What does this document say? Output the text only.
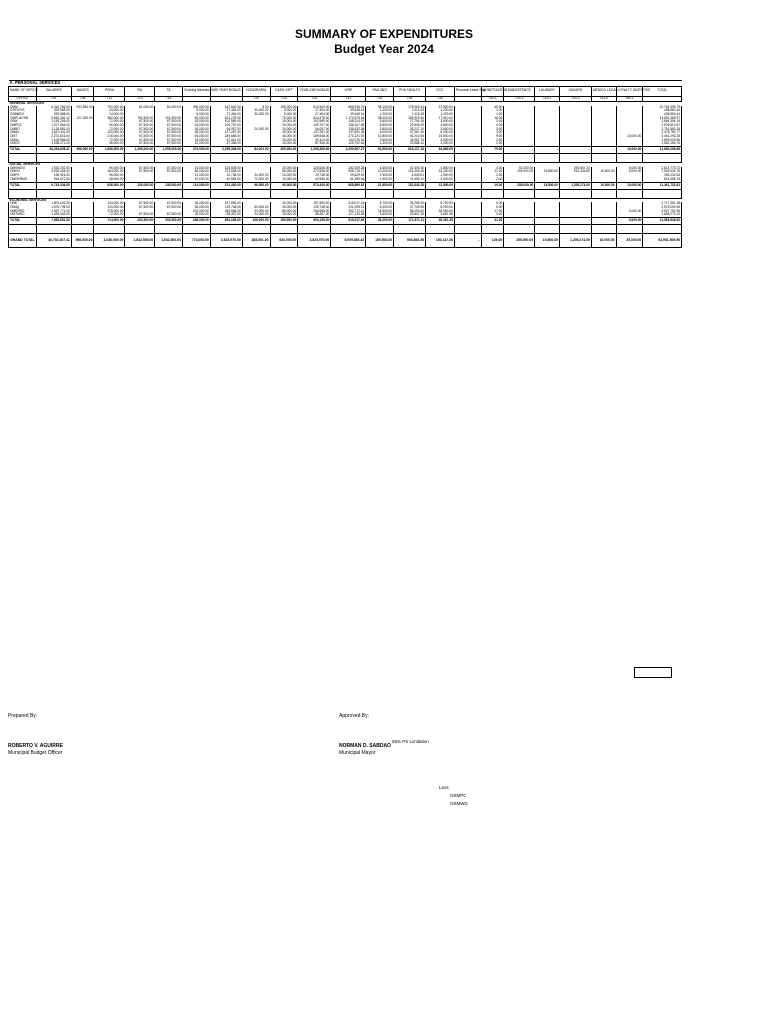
SUMMARY OF EXPENDITURES
Budget Year 2024
A. PERSONAL SERVICES																						
NAME OF OFFICE	SALARIES	WAGES	PERA	RA	TA	Clothing Allowance	MID YEAR BONUS	HONORARIA	CASH GIFT	YEAR-END BONUS	LRIP	PAG-IBIG	PHIL HEALTH	ECC	Personal Leave Pay	MONETIZATION	SUBSISTENCE	LAUNDRY	HAZARD	MEDICO LEGAL	LOYALTY INCENTIVE	TOTAL
OFFICE	701	706	711	713	714			720	724	725	731	732	733	734		742-1	743-1	743-2	743-3	743-4	789-1	
GENERAL SERVICES																						
OMM	6,310,256.00	933,984.00	792,000.00	81,000.00	81,000.00	396,000.00	612,540.00	5.00	165,000.00	612,540.00	868,936.76	98,100.00	175,060.44	37,800.00		45.00						10,764,395.75
OSPLPLS	329,568.00		24,000.00			6,000.00	27,464.00	30,000.00	5,000.00	27,464.00	39,548.16	1,200.00	7,415.28	1,200.00		1.00						498,860.44
OSBMSO	329,568.00		24,000.00			6,000.00	27,464.00	30,000.00	5,000.00	27,464.00	39,548.16	1,200.00	7,415.28	1,200.00		1.00						498,860.44
OMPLNCSB	9,654,462.12	127,000.00	360,000.00	751,500.00	751,500.00	90,000.00	814,278.00		70,000.00	814,278.00	1,170,575.45	38,000.00	159,915.40	17,910.00		16.00						14,851,385.97
OSM	1,155,208.00		72,000.00	67,500.00	67,500.00	18,000.00	102,989.00		15,000.00	102,989.00	148,224.97	3,600.00	27,794.18	3,600.00		3.00						1,864,394.15
OMPDC	1,317,564.00		96,000.00	67,500.00	67,500.00	24,000.00	109,797.00		20,000.00	109,797.00	158,107.68	4,800.00	29,645.39	4,800.00		4.00						2,009,510.87
OMBO	1,128,881.00		72,000.00	67,500.00	67,500.00	18,000.00	94,057.00	24,000.00	15,000.00	94,057.00	135,432.08	3,600.00	28,217.10	3,600.00		3.00						1,751,860.18
OMAs	1,647,441.00		120,000.00	67,500.00	67,500.00	36,000.00	137,287.00		25,000.00	137,287.00	197,691.28	6,000.00	37,067.40	6,000.00		3.00						2,478,789.77
OMT	2,274,616.00		216,000.00	67,500.00	67,500.00	54,000.00	189,668.00		45,000.00	189,668.00	273,121.92	10,800.00	51,210.96	10,800.00		9.00					10,000.00	3,461,293.28
OMAc	1,108,966.00		72,000.00	67,500.00	67,500.00	18,000.00	92,414.00		15,000.00	92,414.00	133,076.16	3,600.00	24,951.76	3,600.00		3.00						1,699,026.96
OMCR	1,038,271.00		48,000.00	67,500.00	67,500.00	12,000.00	87,356.00		10,000.00	87,356.00	125,792.64	2,400.00	23,586.12	2,400.00		2.00						1,582,164.76
TOTAL	26,294,828.21	996,000.00	1,896,000.00	1,305,000.00	1,305,000.00	474,000.00	2,295,306.00	84,001.00	390,000.00	2,295,306.00	3,290,067.27	93,500.00	615,127.16	93,860.00		79.00	-	-	-	-	10,000.00	41,860,298.68

SOCIAL SERVICES																						
OMSWDO	1,516,302.00		96,000.00	67,500.00	67,500.00	24,000.00	126,608.00		20,000.00	126,608.00	182,309.28	4,800.00	30,304.30	4,800.00		4.00	51,000.00		294,847.24		5,000.00	2,614,773.72
OMHO	4,936,454.00		264,000.00	67,500.00	67,500.00	66,000.00	373,538.00		55,000.00	373,538.00	548,775.72	13,200.00	101,309.26	13,200.00		11.00	204,000.00	19,800.00	910,426.80	10,000.00	5,000.00	7,949,039.78
OMPS	196,916.00		96,000.00			12,000.00	20,738.00	24,000.00	10,000.00	20,738.00	29,629.92	1,900.00	4,649.61	1,900.00		2.00						353,234.53
OMDRRMO	516,672.00		48,000.00			12,000.00	42,556.00	72,000.00	10,000.00	42,556.00	61,280.64	2,400.00	11,490.12	2,400.00		2.00						815,356.76
TOTAL	6,743,344.00	-	636,000.00	135,000.00	135,000.00	114,000.00	574,440.00	96,000.00	95,000.00	574,440.00	808,869.52	21,900.00	151,843.28	21,900.00		19.00	255,000.00	19,800.00	1,205,274.00	10,000.00	10,000.00	11,461,702.81

ECONOMIC SERVICES																						
OME	1,802,642.00		144,000.00	67,500.00	67,500.00	36,000.00	157,595.00		30,000.00	157,595.00	219,017.04	8,700.00	35,255.00	8,700.00		6.00						2,717,381.38
OMAg	1,675,795.00		120,000.00	67,500.00	67,500.00	36,000.00	139,748.00	60,000.00	25,000.00	139,748.00	201,095.21	6,000.00	37,705.95	6,000.00		5.00						2,576,094.96
OMENRO	2,997,771.00		378,000.00			102,000.00	268,568.00	24,000.00	85,000.00	268,568.00	392,772.12	18,900.00	68,293.60	18,900.00		17.00					5,000.00	3,997,792.96
OMTMRO	1,039,443.00		72,000.00	67,500.00	67,500.00	18,000.00	88,287.00	24,000.00	15,000.00	88,287.00	127,133.28	3,600.00	23,837.49	3,687.36		3.00						1,658,279.13
TOTAL	7,565,651.00	-	714,000.00	202,500.00	202,500.00	186,000.00	654,198.00	108,000.00	155,000.00	654,198.00	910,017.65	35,200.00	171,871.11	35,287.36		31.00	-	-	-	-	5,000.00	11,589,548.52

GRAND TOTAL	40,702,207.41	996,000.00	3,036,000.00	1,642,500.00	1,642,500.00	774,000.00	3,523,970.00	288,001.00	640,000.00	3,523,970.00	5,009,854.43	150,500.00	903,864.56	150,147.36	-	129.00	255,000.00	19,800.00	1,205,274.00	10,000.00	25,000.00	64,951,509.96
Prepared By:	Approved By:
ROBERTO V. AGUIRRE
Municipal Budget Officer
NORMAN D. SABDAO
Municipal Mayor
55% PS Limitation
Less:
OSMPC
OSMWG
